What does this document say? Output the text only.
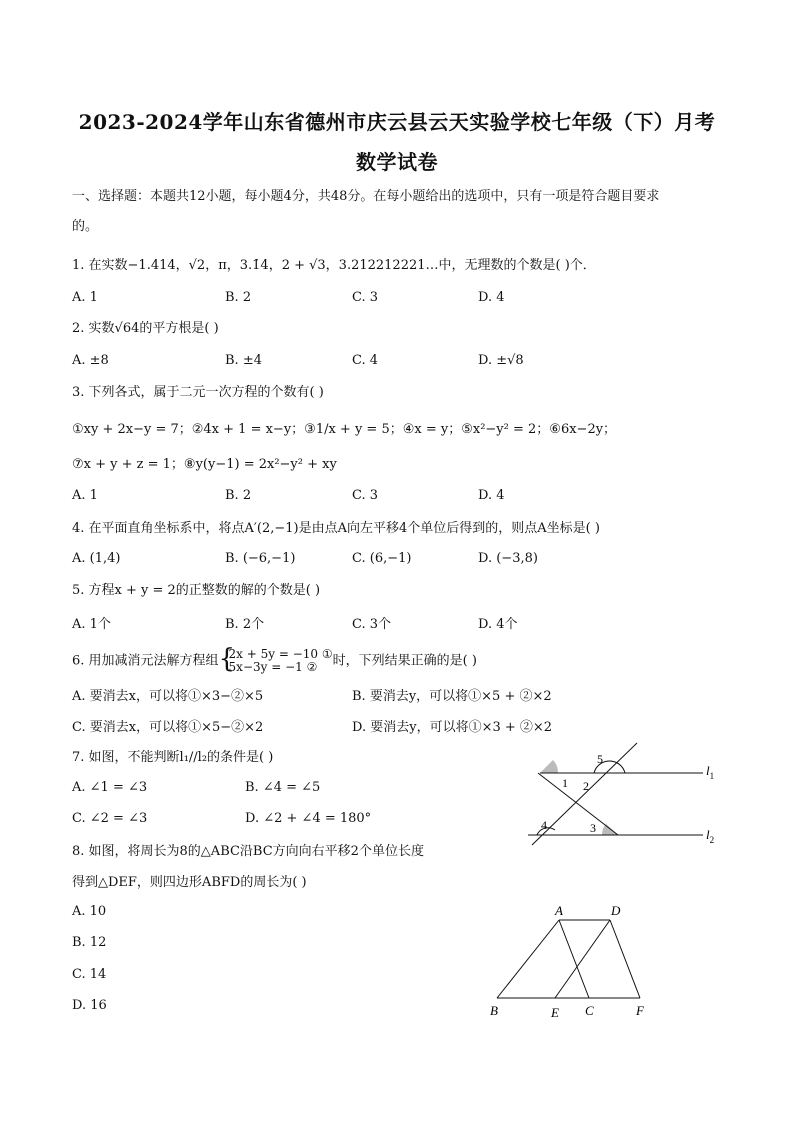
2023-2024学年山东省德州市庆云县云天实验学校七年级（下）月考
数学试卷
一、选择题：本题共12小题，每小题4分，共48分。在每小题给出的选项中，只有一项是符合题目要求
的。
1. 在实数−1.414，√2，π，3.1̇4̇，2 + √3，3.212212221…中，无理数的个数是( )个．
A. 1	B. 2	C. 3	D. 4
2. 实数√64的平方根是( )
A. ±8	B. ±4	C. 4	D. ±√8
3. 下列各式，属于二元一次方程的个数有( )
①xy + 2x−y = 7；②4x + 1 = x−y；③1/x + y = 5；④x = y；⑤x²−y² = 2；⑥6x−2y；
⑦x + y + z = 1；⑧y(y−1) = 2x²−y² + xy
A. 1	B. 2	C. 3	D. 4
4. 在平面直角坐标系中，将点A′(2,−1)是由点A向左平移4个单位后得到的，则点A坐标是( )
A. (1,4)	B. (−6,−1)	C. (6,−1)	D. (−3,8)
5. 方程x + y = 2的正整数的解的个数是( )
A. 1个	B. 2个	C. 3个	D. 4个
6. 用加减消元法解方程组 {
2x + 5y = −10 ①
5x−3y = −1 ②	时，下列结果正确的是( )
A. 要消去x，可以将①×3−②×5	B. 要消去y，可以将①×5 + ②×2
C. 要消去x，可以将①×5−②×2	D. 要消去y，可以将①×3 + ②×2
7. 如图，不能判断l₁//l₂的条件是( )
A. ∠1 = ∠3	B. ∠4 = ∠5
C. ∠2 = ∠3	D. ∠2 + ∠4 = 180°
1 2
3
4
5
$l_1$
$l_2$
8. 如图，将周长为8的△ABC沿BC方向向右平移2个单位长度
得到△DEF，则四边形ABFD的周长为( )
A. 10
B. 12
C. 14
D. 16
A	D
B	E C	F
